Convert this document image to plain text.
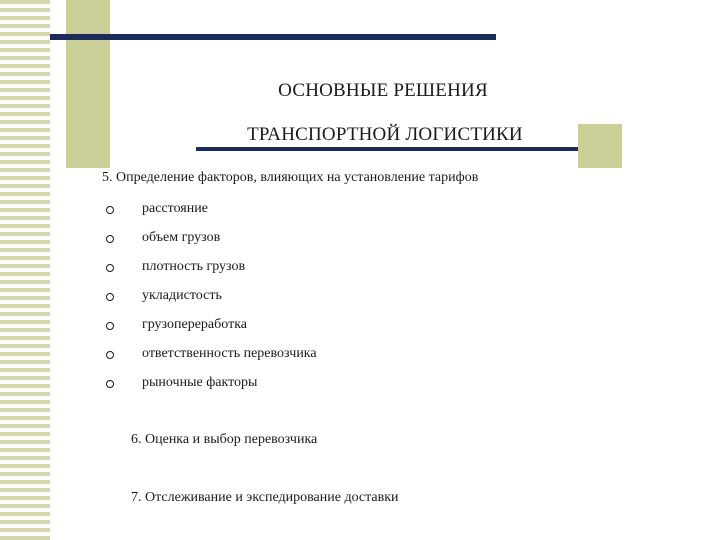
ОСНОВНЫЕ РЕШЕНИЯ
ТРАНСПОРТНОЙ ЛОГИСТИКИ

5. Определение факторов, влияющих на установление тарифов

расстояние
объем грузов
плотность грузов
укладистость
грузопереработка
ответственность перевозчика
рыночные факторы

6. Оценка и выбор перевозчика

7. Отслеживание и экспедирование доставки
